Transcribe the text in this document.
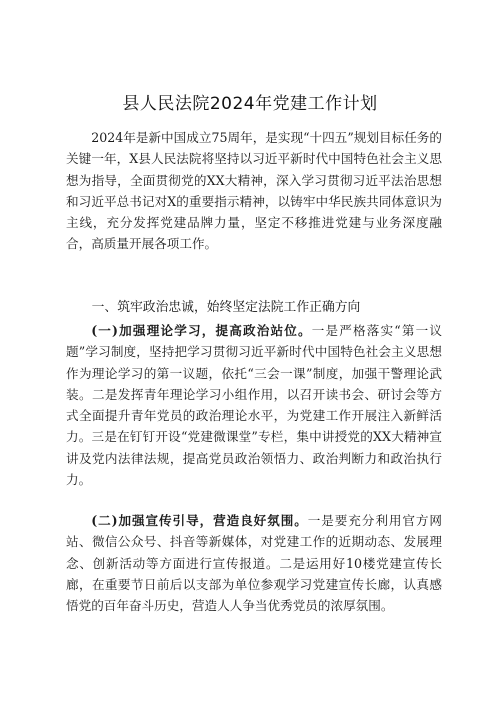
县人民法院2024年党建工作计划

2024年是新中国成立75周年，是实现“十四五”规划目标任务的关键一年，X县人民法院将坚持以习近平新时代中国特色社会主义思想为指导，全面贯彻党的XX大精神，深入学习贯彻习近平法治思想和习近平总书记对X的重要指示精神，以铸牢中华民族共同体意识为主线，充分发挥党建品牌力量，坚定不移推进党建与业务深度融合，高质量开展各项工作。

一、筑牢政治忠诚，始终坚定法院工作正确方向

(一)加强理论学习，提高政治站位。一是严格落实“第一议题”学习制度，坚持把学习贯彻习近平新时代中国特色社会主义思想作为理论学习的第一议题，依托“三会一课”制度，加强干警理论武装。二是发挥青年理论学习小组作用，以召开读书会、研讨会等方式全面提升青年党员的政治理论水平，为党建工作开展注入新鲜活力。三是在钉钉开设“党建微课堂”专栏，集中讲授党的XX大精神宣讲及党内法律法规，提高党员政治领悟力、政治判断力和政治执行力。

(二)加强宣传引导，营造良好氛围。一是要充分利用官方网站、微信公众号、抖音等新媒体，对党建工作的近期动态、发展理念、创新活动等方面进行宣传报道。二是运用好10楼党建宣传长廊，在重要节日前后以支部为单位参观学习党建宣传长廊，认真感悟党的百年奋斗历史，营造人人争当优秀党员的浓厚氛围。
